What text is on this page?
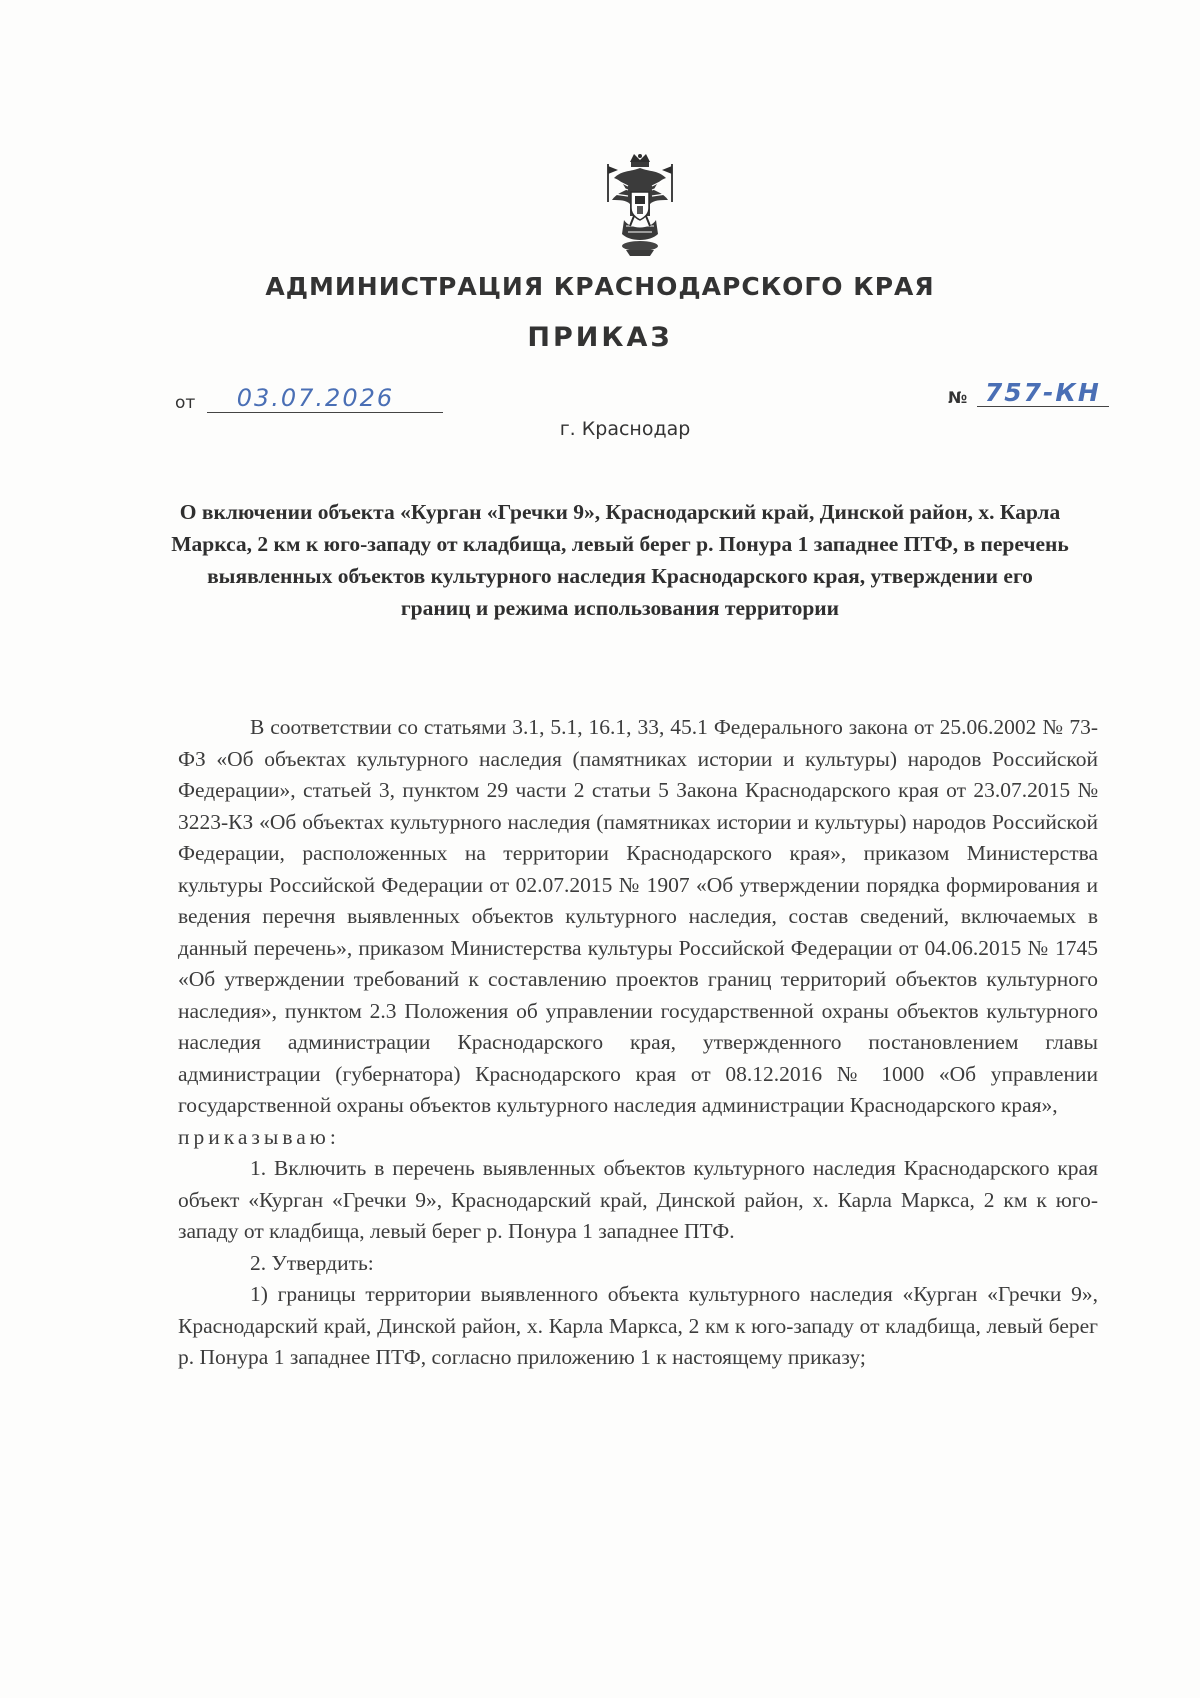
АДМИНИСТРАЦИЯ КРАСНОДАРСКОГО КРАЯ
ПРИКАЗ
от 03.07.2026	№ 757-КН
г. Краснодар
О включении объекта «Курган «Гречки 9», Краснодарский край, Динской район, х. Карла Маркса, 2 км к юго-западу от кладбища, левый берег р. Понура 1 западнее ПТФ, в перечень выявленных объектов культурного наследия Краснодарского края, утверждении его границ и режима использования территории

В соответствии со статьями 3.1, 5.1, 16.1, 33, 45.1 Федерального закона от 25.06.2002 № 73-ФЗ «Об объектах культурного наследия (памятниках истории и культуры) народов Российской Федерации», статьей 3, пунктом 29 части 2 статьи 5 Закона Краснодарского края от 23.07.2015 № 3223-КЗ «Об объектах культурного наследия (памятниках истории и культуры) народов Российской Федерации, расположенных на территории Краснодарского края», приказом Министерства культуры Российской Федерации от 02.07.2015 № 1907 «Об утверждении порядка формирования и ведения перечня выявленных объектов культурного наследия, состав сведений, включаемых в данный перечень», приказом Министерства культуры Российской Федерации от 04.06.2015 № 1745 «Об утверждении требований к составлению проектов границ территорий объектов культурного наследия», пунктом 2.3 Положения об управлении государственной охраны объектов культурного наследия администрации Краснодарского края, утвержденного постановлением главы администрации (губернатора) Краснодарского края от 08.12.2016 № 1000 «Об управлении государственной охраны объектов культурного наследия администрации Краснодарского края»,

приказываю:

1. Включить в перечень выявленных объектов культурного наследия Краснодарского края объект «Курган «Гречки 9», Краснодарский край, Динской район, х. Карла Маркса, 2 км к юго-западу от кладбища, левый берег р. Понура 1 западнее ПТФ.

2. Утвердить:

1) границы территории выявленного объекта культурного наследия «Курган «Гречки 9», Краснодарский край, Динской район, х. Карла Маркса, 2 км к юго-западу от кладбища, левый берег р. Понура 1 западнее ПТФ, согласно приложению 1 к настоящему приказу;
